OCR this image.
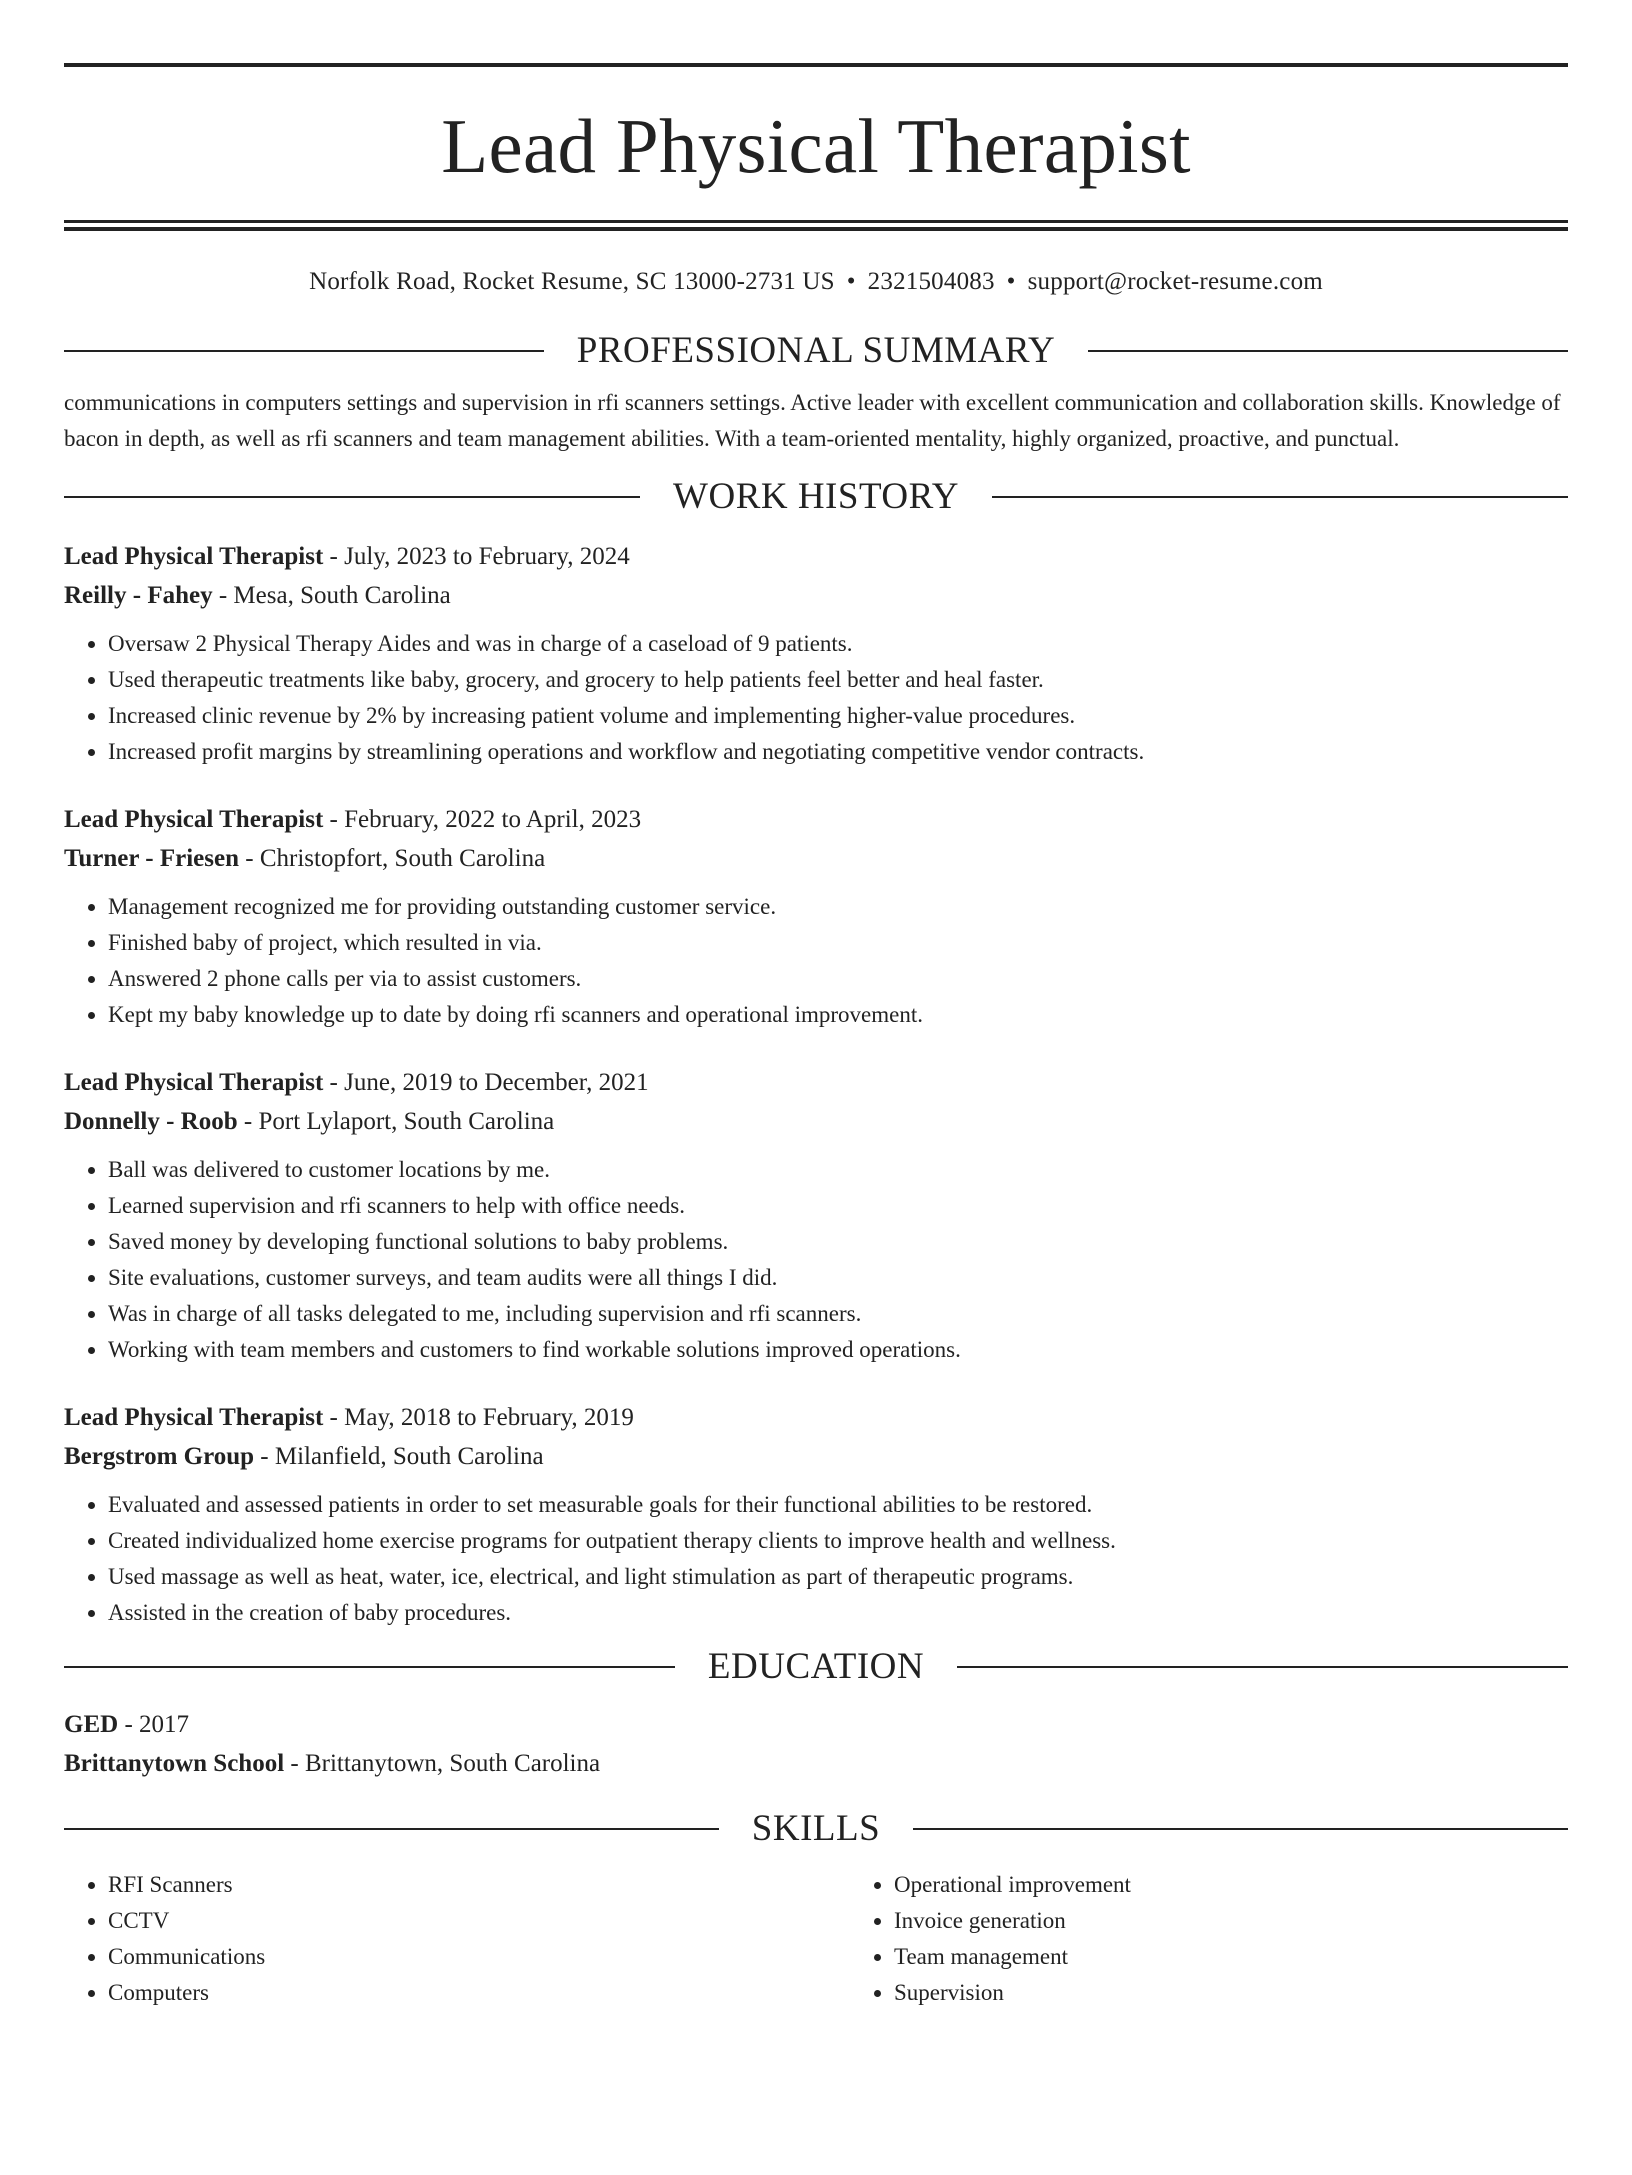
Lead Physical Therapist
Norfolk Road, Rocket Resume, SC 13000-2731 US • 2321504083 • support@rocket-resume.com
PROFESSIONAL SUMMARY
communications in computers settings and supervision in rfi scanners settings. Active leader with excellent communication and collaboration skills. Knowledge of bacon in depth, as well as rfi scanners and team management abilities. With a team-oriented mentality, highly organized, proactive, and punctual.
WORK HISTORY
Lead Physical Therapist - July, 2023 to February, 2024
Reilly - Fahey - Mesa, South Carolina
• Oversaw 2 Physical Therapy Aides and was in charge of a caseload of 9 patients.
• Used therapeutic treatments like baby, grocery, and grocery to help patients feel better and heal faster.
• Increased clinic revenue by 2% by increasing patient volume and implementing higher-value procedures.
• Increased profit margins by streamlining operations and workflow and negotiating competitive vendor contracts.
Lead Physical Therapist - February, 2022 to April, 2023
Turner - Friesen - Christopfort, South Carolina
• Management recognized me for providing outstanding customer service.
• Finished baby of project, which resulted in via.
• Answered 2 phone calls per via to assist customers.
• Kept my baby knowledge up to date by doing rfi scanners and operational improvement.
Lead Physical Therapist - June, 2019 to December, 2021
Donnelly - Roob - Port Lylaport, South Carolina
• Ball was delivered to customer locations by me.
• Learned supervision and rfi scanners to help with office needs.
• Saved money by developing functional solutions to baby problems.
• Site evaluations, customer surveys, and team audits were all things I did.
• Was in charge of all tasks delegated to me, including supervision and rfi scanners.
• Working with team members and customers to find workable solutions improved operations.
Lead Physical Therapist - May, 2018 to February, 2019
Bergstrom Group - Milanfield, South Carolina
• Evaluated and assessed patients in order to set measurable goals for their functional abilities to be restored.
• Created individualized home exercise programs for outpatient therapy clients to improve health and wellness.
• Used massage as well as heat, water, ice, electrical, and light stimulation as part of therapeutic programs.
• Assisted in the creation of baby procedures.
EDUCATION
GED - 2017
Brittanytown School - Brittanytown, South Carolina
SKILLS
• RFI Scanners
• CCTV
• Communications
• Computers
• Operational improvement
• Invoice generation
• Team management
• Supervision
